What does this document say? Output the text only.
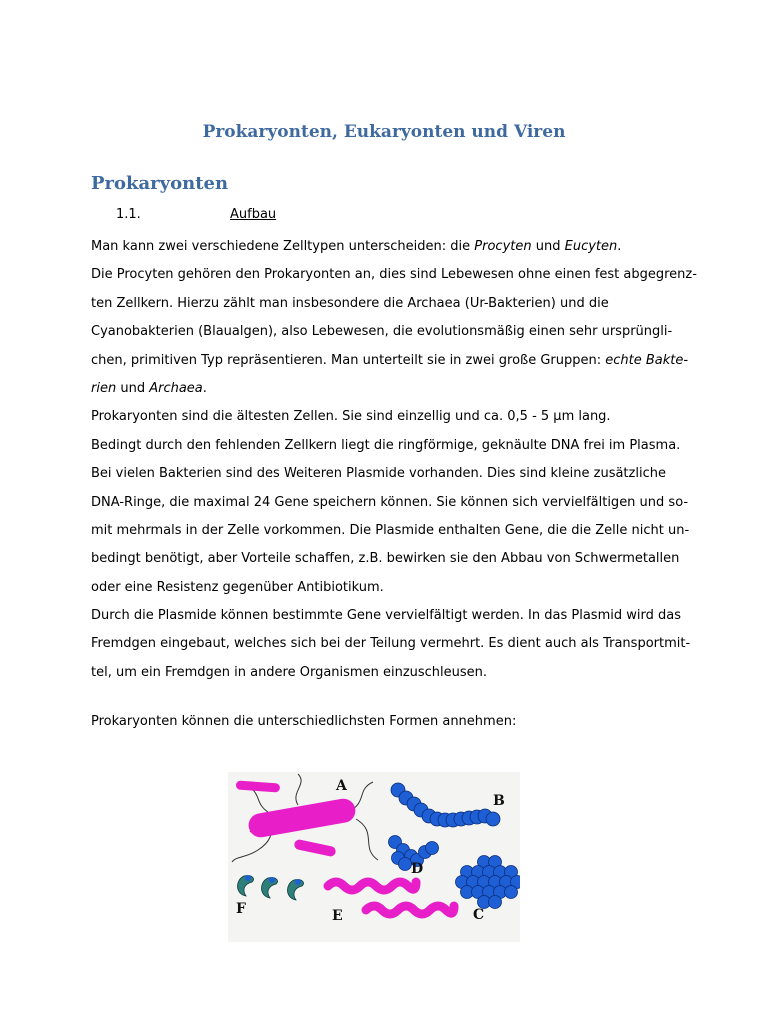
Prokaryonten, Eukaryonten und Viren
Prokaryonten
1.1.	Aufbau
Man kann zwei verschiedene Zelltypen unterscheiden: die Procyten und Eucyten.
Die Procyten gehören den Prokaryonten an, dies sind Lebewesen ohne einen fest abgegrenz-
ten Zellkern. Hierzu zählt man insbesondere die Archaea (Ur-Bakterien) und die
Cyanobakterien (Blaualgen), also Lebewesen, die evolutionsmäßig einen sehr ursprüngli-
chen, primitiven Typ repräsentieren. Man unterteilt sie in zwei große Gruppen: echte Bakte-
rien und Archaea.
Prokaryonten sind die ältesten Zellen. Sie sind einzellig und ca. 0,5 - 5 µm lang.
Bedingt durch den fehlenden Zellkern liegt die ringförmige, geknäulte DNA frei im Plasma.
Bei vielen Bakterien sind des Weiteren Plasmide vorhanden. Dies sind kleine zusätzliche
DNA-Ringe, die maximal 24 Gene speichern können. Sie können sich vervielfältigen und so-
mit mehrmals in der Zelle vorkommen. Die Plasmide enthalten Gene, die die Zelle nicht un-
bedingt benötigt, aber Vorteile schaffen, z.B. bewirken sie den Abbau von Schwermetallen
oder eine Resistenz gegenüber Antibiotikum.
Durch die Plasmide können bestimmte Gene vervielfältigt werden. In das Plasmid wird das
Fremdgen eingebaut, welches sich bei der Teilung vermehrt. Es dient auch als Transportmit-
tel, um ein Fremdgen in andere Organismen einzuschleusen.
Prokaryonten können die unterschiedlichsten Formen annehmen:
A
B
C
D
E
F
